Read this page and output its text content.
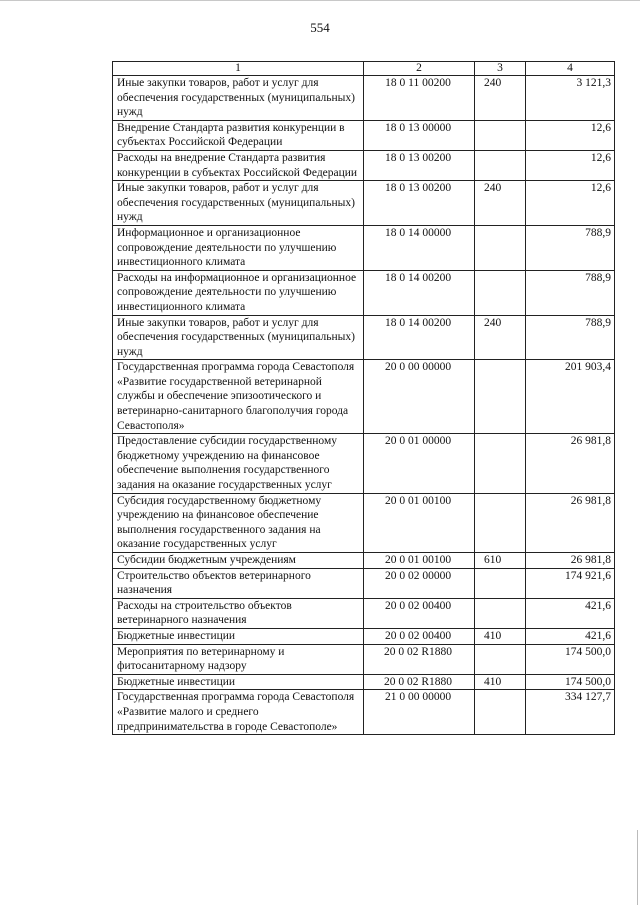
554
1	2	3	4
Иные закупки товаров, работ и услуг для обеспечения государственных (муниципальных) нужд	18 0 11 00200	240	3 121,3
Внедрение Стандарта развития конкуренции в субъектах Российской Федерации	18 0 13 00000		12,6
Расходы на внедрение Стандарта развития конкуренции в субъектах Российской Федерации	18 0 13 00200		12,6
Иные закупки товаров, работ и услуг для обеспечения государственных (муниципальных) нужд	18 0 13 00200	240	12,6
Информационное и организационное сопровождение деятельности по улучшению инвестиционного климата	18 0 14 00000		788,9
Расходы на информационное и организационное сопровождение деятельности по улучшению инвестиционного климата	18 0 14 00200		788,9
Иные закупки товаров, работ и услуг для обеспечения государственных (муниципальных) нужд	18 0 14 00200	240	788,9
Государственная программа города Севастополя «Развитие государственной ветеринарной службы и обеспечение эпизоотического и ветеринарно-санитарного благополучия города Севастополя»	20 0 00 00000		201 903,4
Предоставление субсидии государственному бюджетному учреждению на финансовое обеспечение выполнения государственного задания на оказание государственных услуг	20 0 01 00000		26 981,8
Субсидия государственному бюджетному учреждению на финансовое обеспечение выполнения государственного задания на оказание государственных услуг	20 0 01 00100		26 981,8
Субсидии бюджетным учреждениям	20 0 01 00100	610	26 981,8
Строительство объектов ветеринарного назначения	20 0 02 00000		174 921,6
Расходы на строительство объектов ветеринарного назначения	20 0 02 00400		421,6
Бюджетные инвестиции	20 0 02 00400	410	421,6
Мероприятия по ветеринарному и фитосанитарному надзору	20 0 02 R1880		174 500,0
Бюджетные инвестиции	20 0 02 R1880	410	174 500,0
Государственная программа города Севастополя «Развитие малого и среднего предпринимательства в городе Севастополе»	21 0 00 00000		334 127,7
